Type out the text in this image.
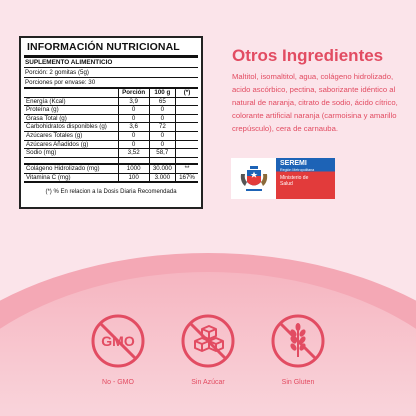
INFORMACIÓN NUTRICIONAL
SUPLEMENTO ALIMENTICIO
Porción: 2 gomitas (5g)
Porciones por envase: 30
	Porción	100 g	(*)
Energía (Kcal)	3,9	65	
Proteína (g)	0	0	
Grasa Total (g)	0	0	
Carbohidratos disponibles (g)	3,6	72	
Azúcares Totales (g)	0	0	
Azúcares Añadidos (g)	0	0	
Sodio (mg)	3,52	58,7	

Colágeno Hidrolizado (mg)	1000	30.000	**
Vitamina C (mg)	100	3.000	167%
(*) % En relacion a la Dosis Diaria Recomendada
Otros Ingredientes
Maltitol, isomaltitol, agua, colágeno hidrolizado, acido ascórbico, pectina, saborizante idéntico al natural de naranja, citrato de sodio, ácido cítrico, colorante artificial naranja (carmoisina y amarillo crepúsculo), cera de carnauba.
SEREMI
Región Metropolitana
Ministerio de
Salud
GMO
No - GMO	Sin Azúcar	Sin Gluten
